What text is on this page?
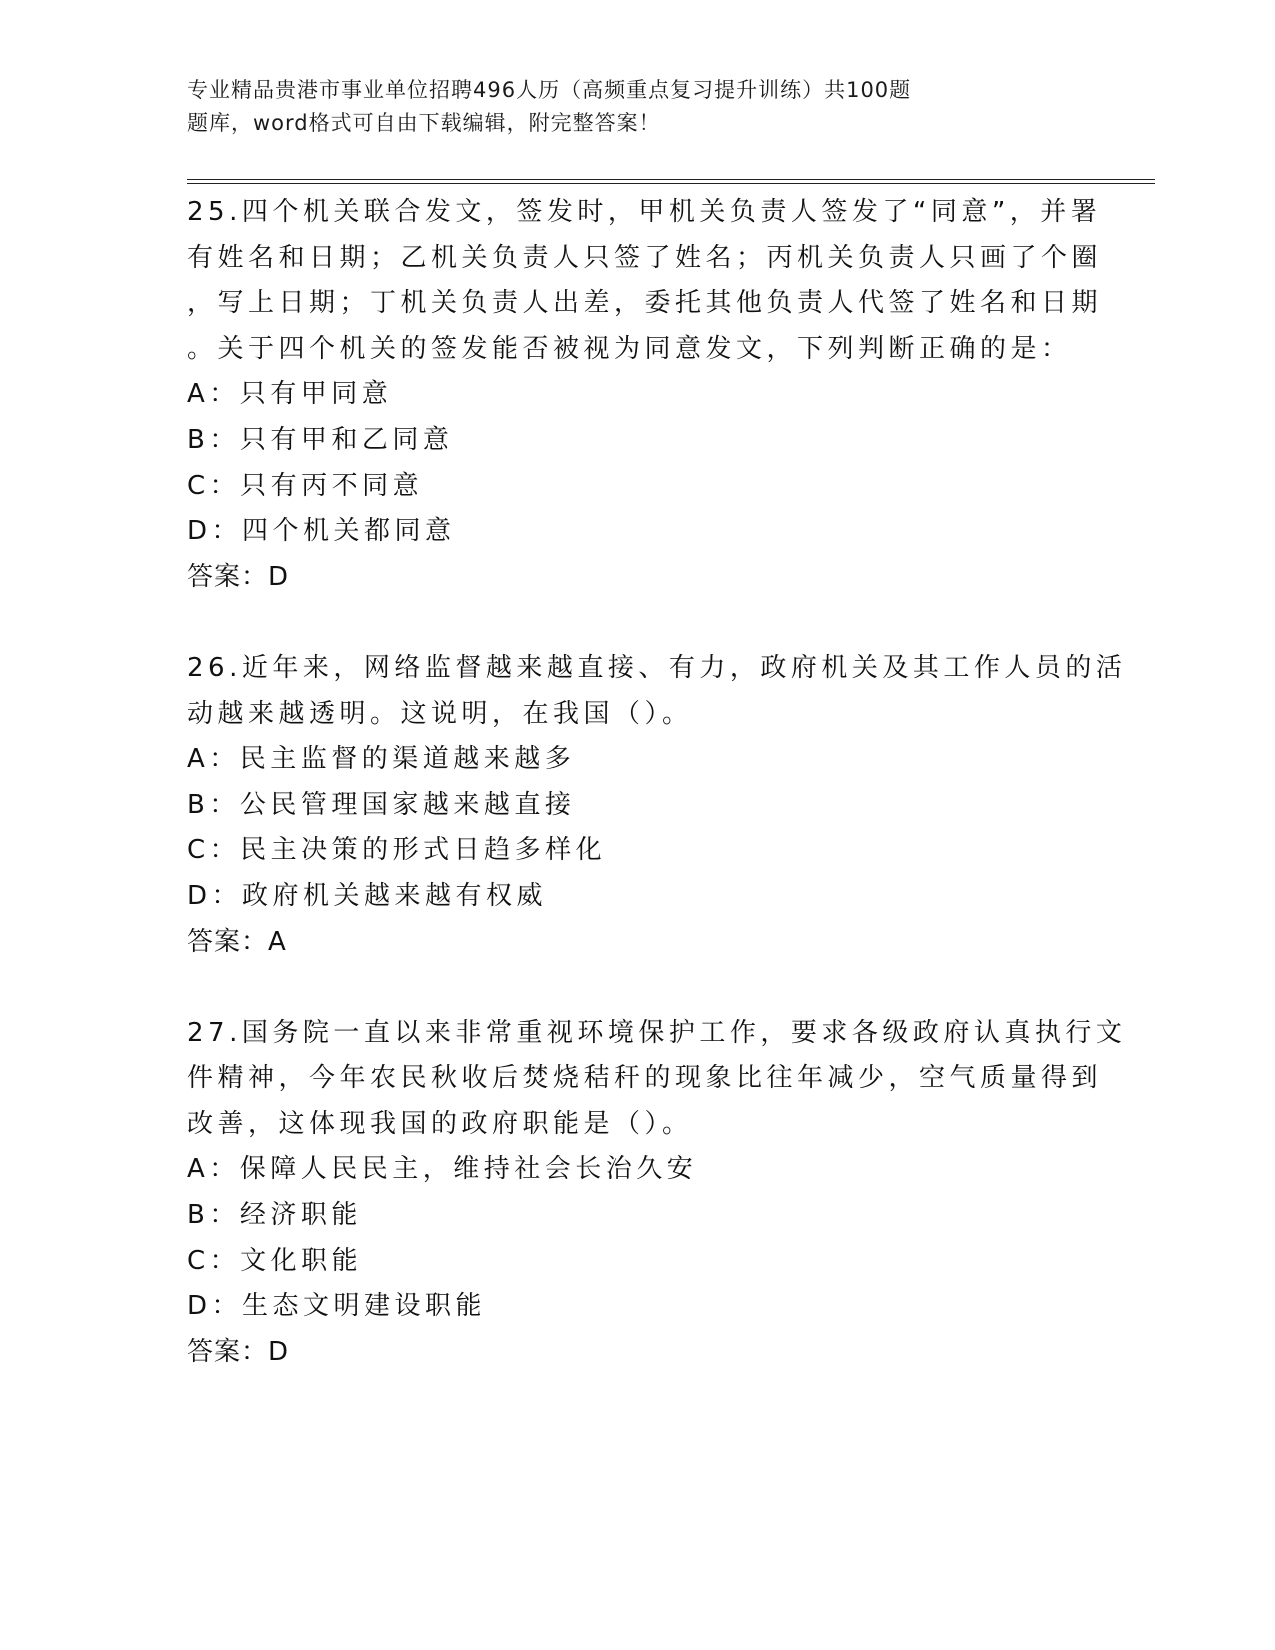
专业精品贵港市事业单位招聘496人历（高频重点复习提升训练）共100题
题库，word格式可自由下载编辑，附完整答案！
25.四个机关联合发文，签发时，甲机关负责人签发了“同意”，并署
有姓名和日期；乙机关负责人只签了姓名；丙机关负责人只画了个圈
，写上日期；丁机关负责人出差，委托其他负责人代签了姓名和日期
。关于四个机关的签发能否被视为同意发文，下列判断正确的是：
A：只有甲同意
B：只有甲和乙同意
C：只有丙不同意
D：四个机关都同意
答案：D
26.近年来，网络监督越来越直接、有力，政府机关及其工作人员的活
动越来越透明。这说明，在我国（）。
A：民主监督的渠道越来越多
B：公民管理国家越来越直接
C：民主决策的形式日趋多样化
D：政府机关越来越有权威
答案：A
27.国务院一直以来非常重视环境保护工作，要求各级政府认真执行文
件精神，今年农民秋收后焚烧秸秆的现象比往年减少，空气质量得到
改善，这体现我国的政府职能是（）。
A：保障人民民主，维持社会长治久安
B：经济职能
C：文化职能
D：生态文明建设职能
答案：D
